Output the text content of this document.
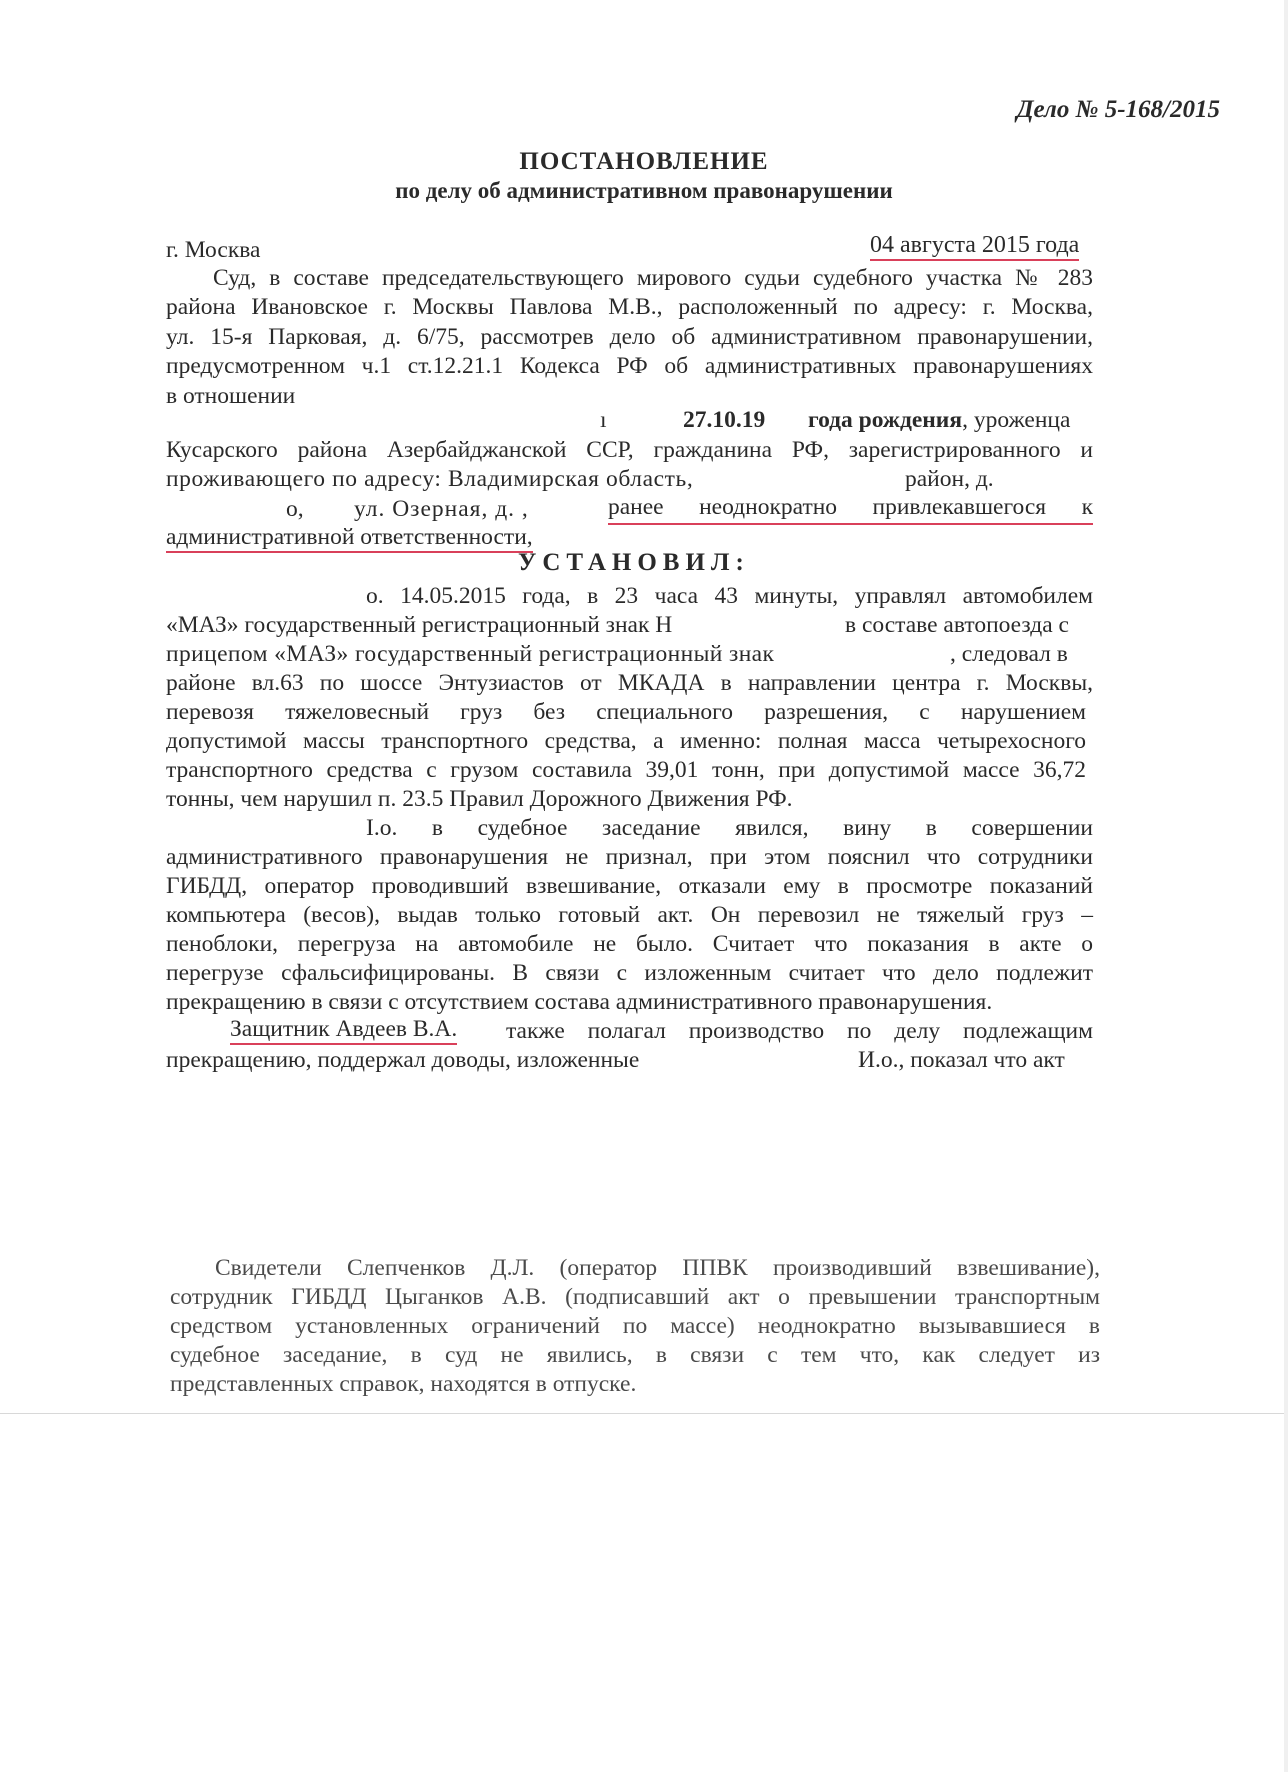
Дело № 5-168/2015
ПОСТАНОВЛЕНИЕ
по делу об административном правонарушении
г. Москва	04 августа 2015 года
Суд, в составе председательствующего мирового судьи судебного участка № 283
района Ивановское г. Москвы Павлова М.В., расположенный по адресу: г. Москва,
ул. 15-я Парковая, д. 6/75, рассмотрев дело об административном правонарушении,
предусмотренном ч.1 ст.12.21.1 Кодекса РФ об административных правонарушениях
в отношении
ı	27.10.19 года рождения, уроженца
Кусарского района Азербайджанской ССР, гражданина РФ, зарегистрированного и
проживающего по адресу: Владимирская область,	район, д.
о, ул. Озерная, д. ,	ранее неоднократно привлекавшегося к
административной ответственности,
УСТАНОВИЛ:
о. 14.05.2015 года, в 23 часа 43 минуты, управлял автомобилем
«МАЗ» государственный регистрационный знак Н	в составе автопоезда с
прицепом «МАЗ» государственный регистрационный знак	, следовал в
районе вл.63 по шоссе Энтузиастов от МКАДА в направлении центра г. Москвы,
перевозя тяжеловесный груз без специального разрешения, с нарушением
допустимой массы транспортного средства, а именно: полная масса четырехосного
транспортного средства с грузом составила 39,01 тонн, при допустимой массе 36,72
тонны, чем нарушил п. 23.5 Правил Дорожного Движения РФ.
I.о. в судебное заседание явился, вину в совершении
административного правонарушения не признал, при этом пояснил что сотрудники
ГИБДД, оператор проводивший взвешивание, отказали ему в просмотре показаний
компьютера (весов), выдав только готовый акт. Он перевозил не тяжелый груз –
пеноблоки, перегруза на автомобиле не было. Считает что показания в акте о
перегрузе сфальсифицированы. В связи с изложенным считает что дело подлежит
прекращению в связи с отсутствием состава административного правонарушения.
Защитник Авдеев В.А. также полагал производство по делу подлежащим
прекращению, поддержал доводы, изложенные	И.о., показал что акт
Свидетели Слепченков Д.Л. (оператор ППВК производивший взвешивание),
сотрудник ГИБДД Цыганков А.В. (подписавший акт о превышении транспортным
средством установленных ограничений по массе) неоднократно вызывавшиеся в
судебное заседание, в суд не явились, в связи с тем что, как следует из
представленных справок, находятся в отпуске.
